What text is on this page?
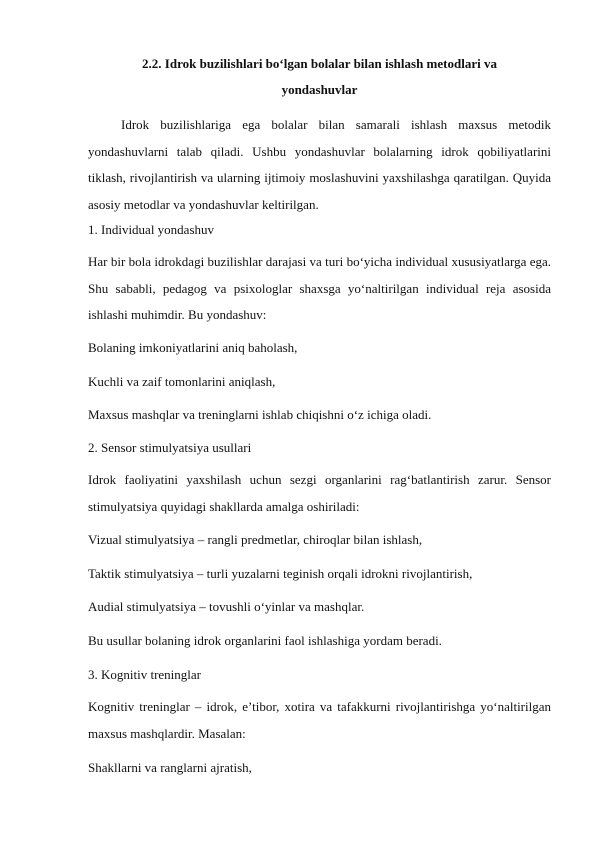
2.2. Idrok buzilishlari bo‘lgan bolalar bilan ishlash metodlari va
yondashuvlar

Idrok buzilishlariga ega bolalar bilan samarali ishlash maxsus metodik yondashuvlarni talab qiladi. Ushbu yondashuvlar bolalarning idrok qobiliyatlarini tiklash, rivojlantirish va ularning ijtimoiy moslashuvini yaxshilashga qaratilgan. Quyida asosiy metodlar va yondashuvlar keltirilgan.

1. Individual yondashuv

Har bir bola idrokdagi buzilishlar darajasi va turi bo‘yicha individual xususiyatlarga ega. Shu sababli, pedagog va psixologlar shaxsga yo‘naltirilgan individual reja asosida ishlashi muhimdir. Bu yondashuv:

Bolaning imkoniyatlarini aniq baholash,
Kuchli va zaif tomonlarini aniqlash,
Maxsus mashqlar va treninglarni ishlab chiqishni o‘z ichiga oladi.
2. Sensor stimulyatsiya usullari

Idrok faoliyatini yaxshilash uchun sezgi organlarini rag‘batlantirish zarur. Sensor stimulyatsiya quyidagi shakllarda amalga oshiriladi:

Vizual stimulyatsiya – rangli predmetlar, chiroqlar bilan ishlash,
Taktik stimulyatsiya – turli yuzalarni teginish orqali idrokni rivojlantirish,
Audial stimulyatsiya – tovushli o‘yinlar va mashqlar.
Bu usullar bolaning idrok organlarini faol ishlashiga yordam beradi.
3. Kognitiv treninglar

Kognitiv treninglar – idrok, e’tibor, xotira va tafakkurni rivojlantirishga yo‘naltirilgan maxsus mashqlardir. Masalan:

Shakllarni va ranglarni ajratish,
